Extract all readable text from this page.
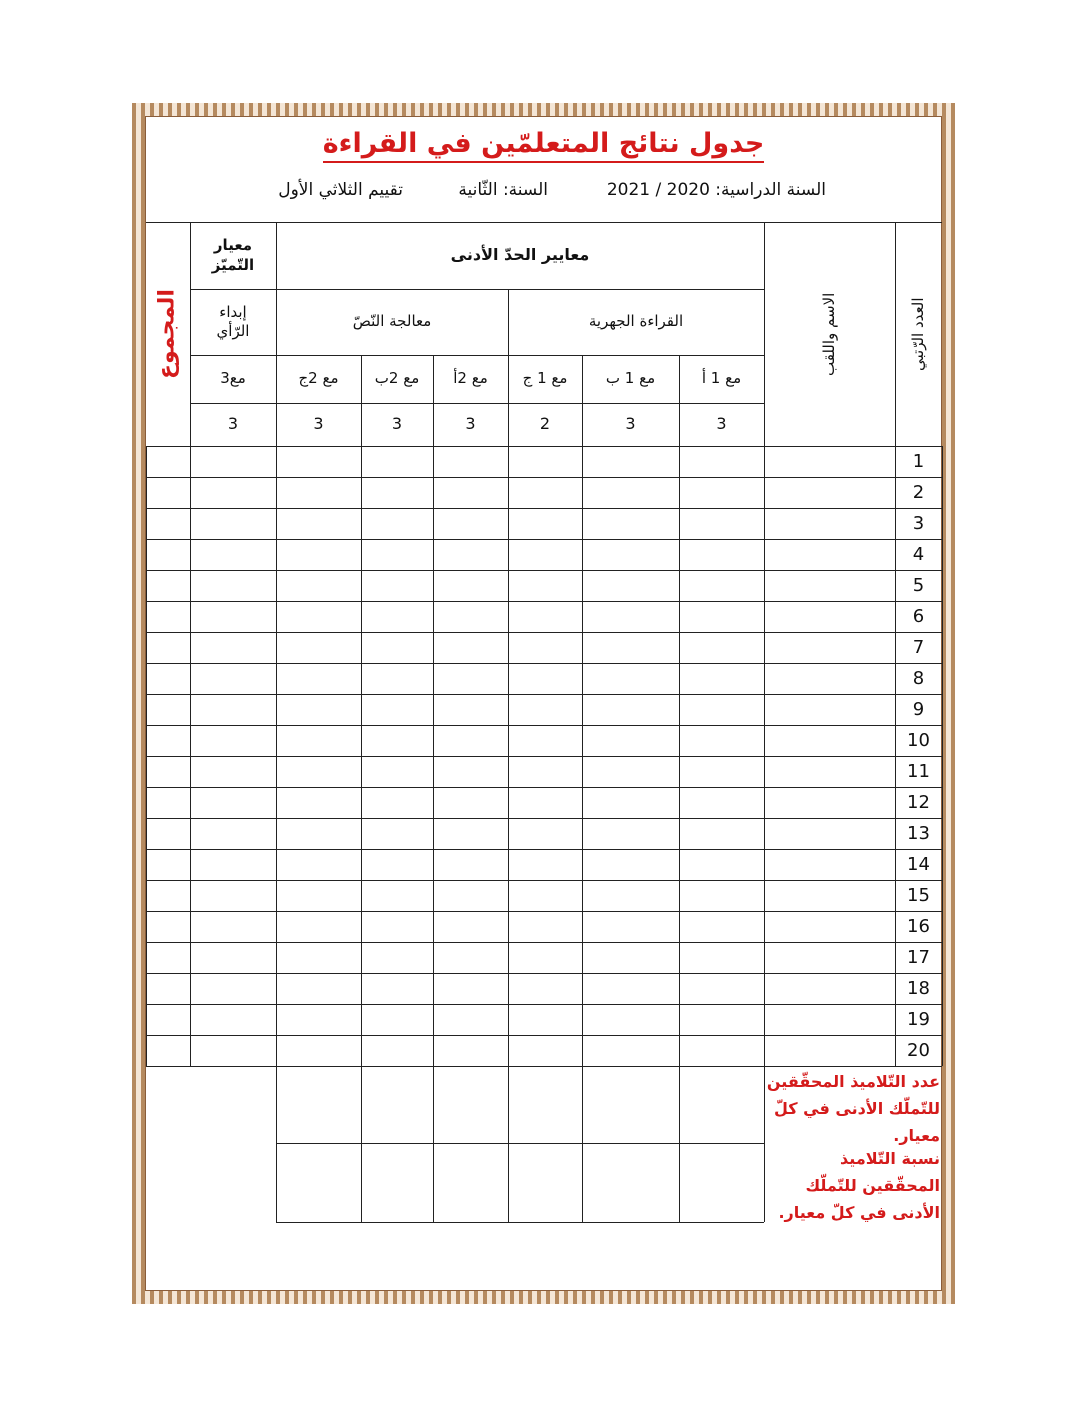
جدول نتائج المتعلمّين في القراءة
السنة الدراسية: 2020 / 2021
السنة: الثّانية
تقييم الثلاثي الأول
العدد الرّتبي
الاسم واللقب
معايير الحدّ الأدنى
القراءة الجهرية
معالجة النّصّ
معيار التّميّز
إبداء الرّأي
المجموع	مع 1 أ
3
مع 1 ب
3
مع 1 ج
2
مع 2أ
3
مع 2ب
3
مع 2ج
3
مع3
3
1
2
3
4
5
6
7
8
9
10
11
12
13
14
15
16
17
18
19
20
عدد التّلاميذ المحقّقين للتّملّك الأدنى في كلّ معيار.
نسبة التّلاميذ المحقّقين للتّملّك الأدنى في كلّ معيار.
